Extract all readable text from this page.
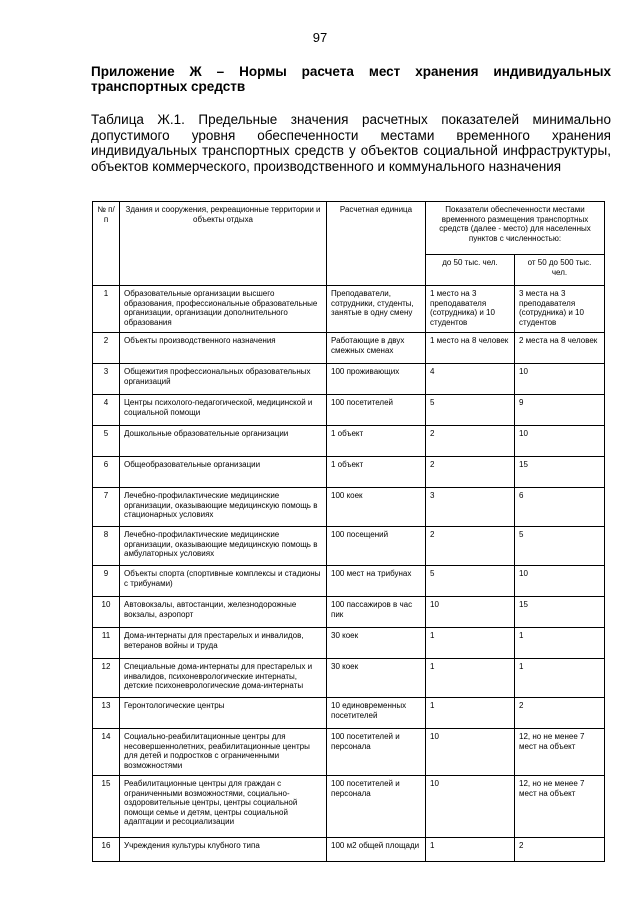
97
Приложение Ж – Нормы расчета мест хранения индивидуальных транспортных средств
Таблица Ж.1. Предельные значения расчетных показателей минимально допустимого уровня обеспеченности местами временного хранения индивидуальных транспортных средств у объектов социальной инфраструктуры, объектов коммерческого, производственного и коммунального назначения
№ п/п	Здания и сооружения, рекреационные территории и объекты отдыха	Расчетная единица	Показатели обеспеченности местами временного размещения транспортных средств (далее - место) для населенных пунктов с численностью:	
			до 50 тыс. чел.	от 50 до 500 тыс. чел.
1	Образовательные организации высшего образования, профессиональные образовательные организации, организации дополнительного образования	Преподаватели, сотрудники, студенты, занятые в одну смену	1 место на 3 преподавателя (сотрудника) и 10 студентов	3 места на 3 преподавателя (сотрудника) и 10 студентов
2	Объекты производственного назначения	Работающие в двух смежных сменах	1 место на 8 человек	2 места на 8 человек
3	Общежития профессиональных образовательных организаций	100 проживающих	4	10
4	Центры психолого-педагогической, медицинской и социальной помощи	100 посетителей	5	9
5	Дошкольные образовательные организации	1 объект	2	10
6	Общеобразовательные организации	1 объект	2	15
7	Лечебно-профилактические медицинские организации, оказывающие медицинскую помощь в стационарных условиях	100 коек	3	6
8	Лечебно-профилактические медицинские организации, оказывающие медицинскую помощь в амбулаторных условиях	100 посещений	2	5
9	Объекты спорта (спортивные комплексы и стадионы с трибунами)	100 мест на трибунах	5	10
10	Автовокзалы, автостанции, железнодорожные вокзалы, аэропорт	100 пассажиров в час пик	10	15
11	Дома-интернаты для престарелых и инвалидов, ветеранов войны и труда	30 коек	1	1
12	Специальные дома-интернаты для престарелых и инвалидов, психоневрологические интернаты, детские психоневрологические дома-интернаты	30 коек	1	1
13	Геронтологические центры	10 единовременных посетителей	1	2
14	Социально-реабилитационные центры для несовершеннолетних, реабилитационные центры для детей и подростков с ограниченными возможностями	100 посетителей и персонала	10	12, но не менее 7 мест на объект
15	Реабилитационные центры для граждан с ограниченными возможностями, социально-оздоровительные центры, центры социальной помощи семье и детям, центры социальной адаптации и ресоциализации	100 посетителей и персонала	10	12, но не менее 7 мест на объект
16	Учреждения культуры клубного типа	100 м2 общей площади	1	2
